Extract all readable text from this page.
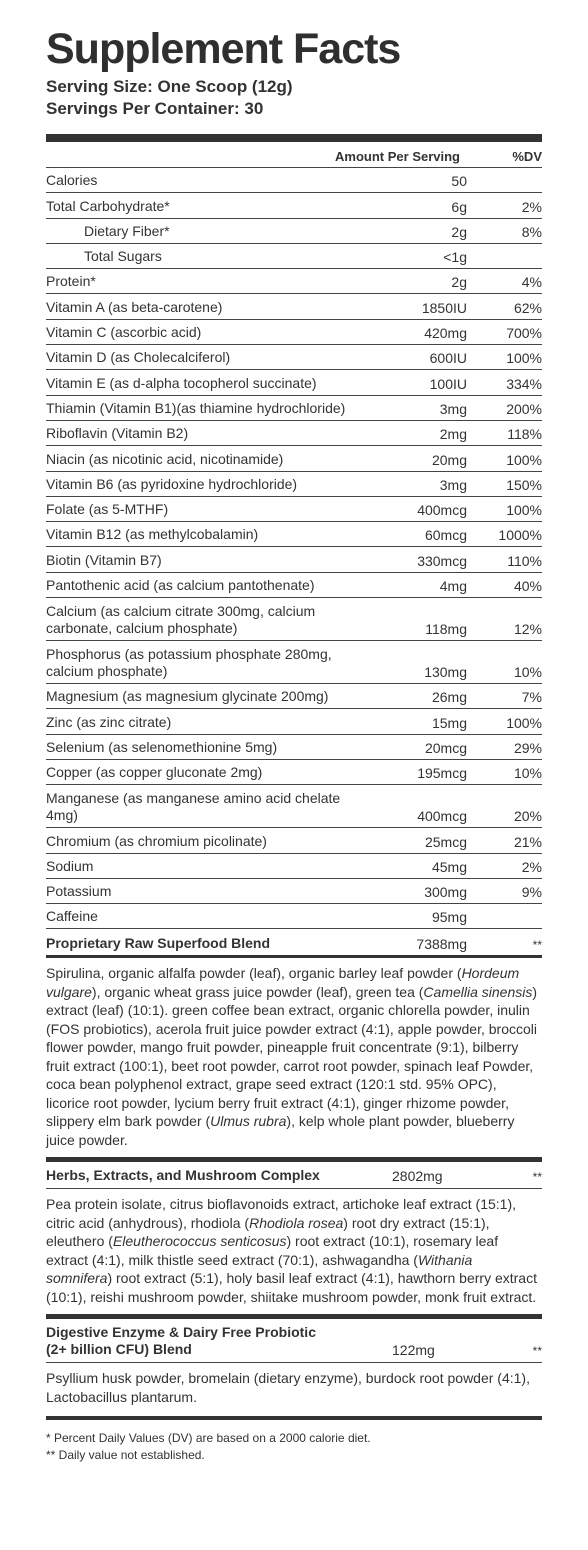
Supplement Facts
Serving Size: One Scoop (12g)
Servings Per Container: 30
Amount Per Serving	%DV
Calories	50
Total Carbohydrate*	6g	2%
Dietary Fiber*	2g	8%
Total Sugars	<1g
Protein*	2g	4%
Vitamin A (as beta-carotene)	1850IU	62%
Vitamin C (ascorbic acid)	420mg	700%
Vitamin D (as Cholecalciferol)	600IU	100%
Vitamin E (as d-alpha tocopherol succinate)	100IU	334%
Thiamin (Vitamin B1)(as thiamine hydrochloride)	3mg	200%
Riboflavin (Vitamin B2)	2mg	118%
Niacin (as nicotinic acid, nicotinamide)	20mg	100%
Vitamin B6 (as pyridoxine hydrochloride)	3mg	150%
Folate (as 5-MTHF)	400mcg	100%
Vitamin B12 (as methylcobalamin)	60mcg	1000%
Biotin (Vitamin B7)	330mcg	110%
Pantothenic acid (as calcium pantothenate)	4mg	40%
Calcium (as calcium citrate 300mg, calcium carbonate, calcium phosphate)	118mg	12%
Phosphorus (as potassium phosphate 280mg, calcium phosphate)	130mg	10%
Magnesium (as magnesium glycinate 200mg)	26mg	7%
Zinc (as zinc citrate)	15mg	100%
Selenium (as selenomethionine 5mg)	20mcg	29%
Copper (as copper gluconate 2mg)	195mcg	10%
Manganese (as manganese amino acid chelate 4mg)	400mcg	20%
Chromium (as chromium picolinate)	25mcg	21%
Sodium	45mg	2%
Potassium	300mg	9%
Caffeine	95mg
Proprietary Raw Superfood Blend	7388mg	**
Spirulina, organic alfalfa powder (leaf), organic barley leaf powder (Hordeum vulgare), organic wheat grass juice powder (leaf), green tea (Camellia sinensis) extract (leaf) (10:1). green coffee bean extract, organic chlorella powder, inulin (FOS probiotics), acerola fruit juice powder extract (4:1), apple powder, broccoli flower powder, mango fruit powder, pineapple fruit concentrate (9:1), bilberry fruit extract (100:1), beet root powder, carrot root powder, spinach leaf Powder, coca bean polyphenol extract, grape seed extract (120:1 std. 95% OPC), licorice root powder, lycium berry fruit extract (4:1), ginger rhizome powder, slippery elm bark powder (Ulmus rubra), kelp whole plant powder, blueberry juice powder.
Herbs, Extracts, and Mushroom Complex	2802mg	**
Pea protein isolate, citrus bioflavonoids extract, artichoke leaf extract (15:1), citric acid (anhydrous), rhodiola (Rhodiola rosea) root dry extract (15:1), eleuthero (Eleutherococcus senticosus) root extract (10:1), rosemary leaf extract (4:1), milk thistle seed extract (70:1), ashwagandha (Withania somnifera) root extract (5:1), holy basil leaf extract (4:1), hawthorn berry extract (10:1), reishi mushroom powder, shiitake mushroom powder, monk fruit extract.
Digestive Enzyme & Dairy Free Probiotic
(2+ billion CFU) Blend	122mg	**
Psyllium husk powder, bromelain (dietary enzyme), burdock root powder (4:1), Lactobacillus plantarum.
* Percent Daily Values (DV) are based on a 2000 calorie diet.
** Daily value not established.
